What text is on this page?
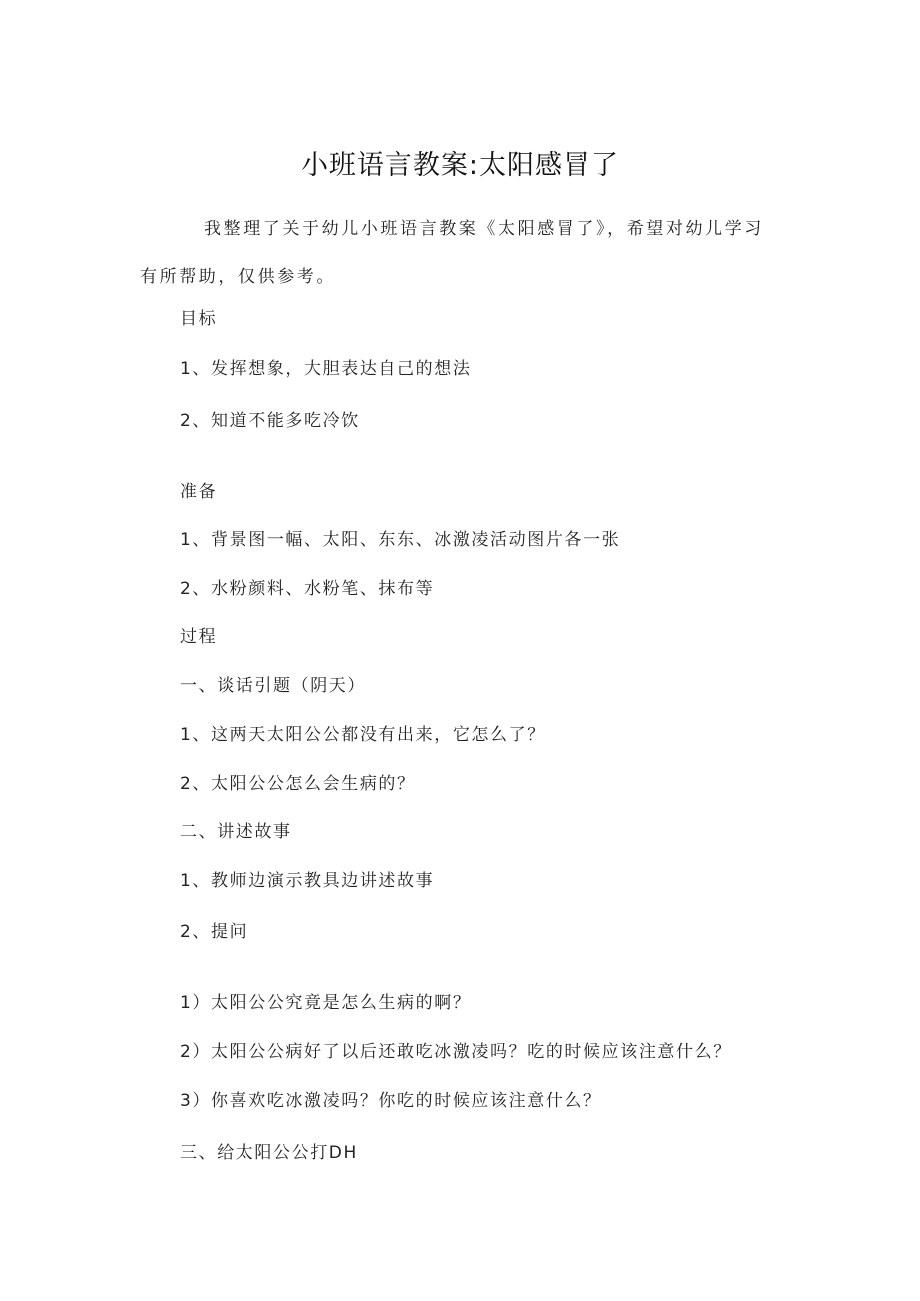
小班语言教案:太阳感冒了
我整理了关于幼儿小班语言教案《太阳感冒了》，希望对幼儿学习有所帮助，仅供参考。
目标
1、发挥想象，大胆表达自己的想法
2、知道不能多吃冷饮
准备
1、背景图一幅、太阳、东东、冰激凌活动图片各一张
2、水粉颜料、水粉笔、抹布等
过程
一、谈话引题（阴天）
1、这两天太阳公公都没有出来，它怎么了？
2、太阳公公怎么会生病的？
二、讲述故事
1、教师边演示教具边讲述故事
2、提问
1）太阳公公究竟是怎么生病的啊？
2）太阳公公病好了以后还敢吃冰激凌吗？吃的时候应该注意什么？
3）你喜欢吃冰激凌吗？你吃的时候应该注意什么？
三、给太阳公公打DH
